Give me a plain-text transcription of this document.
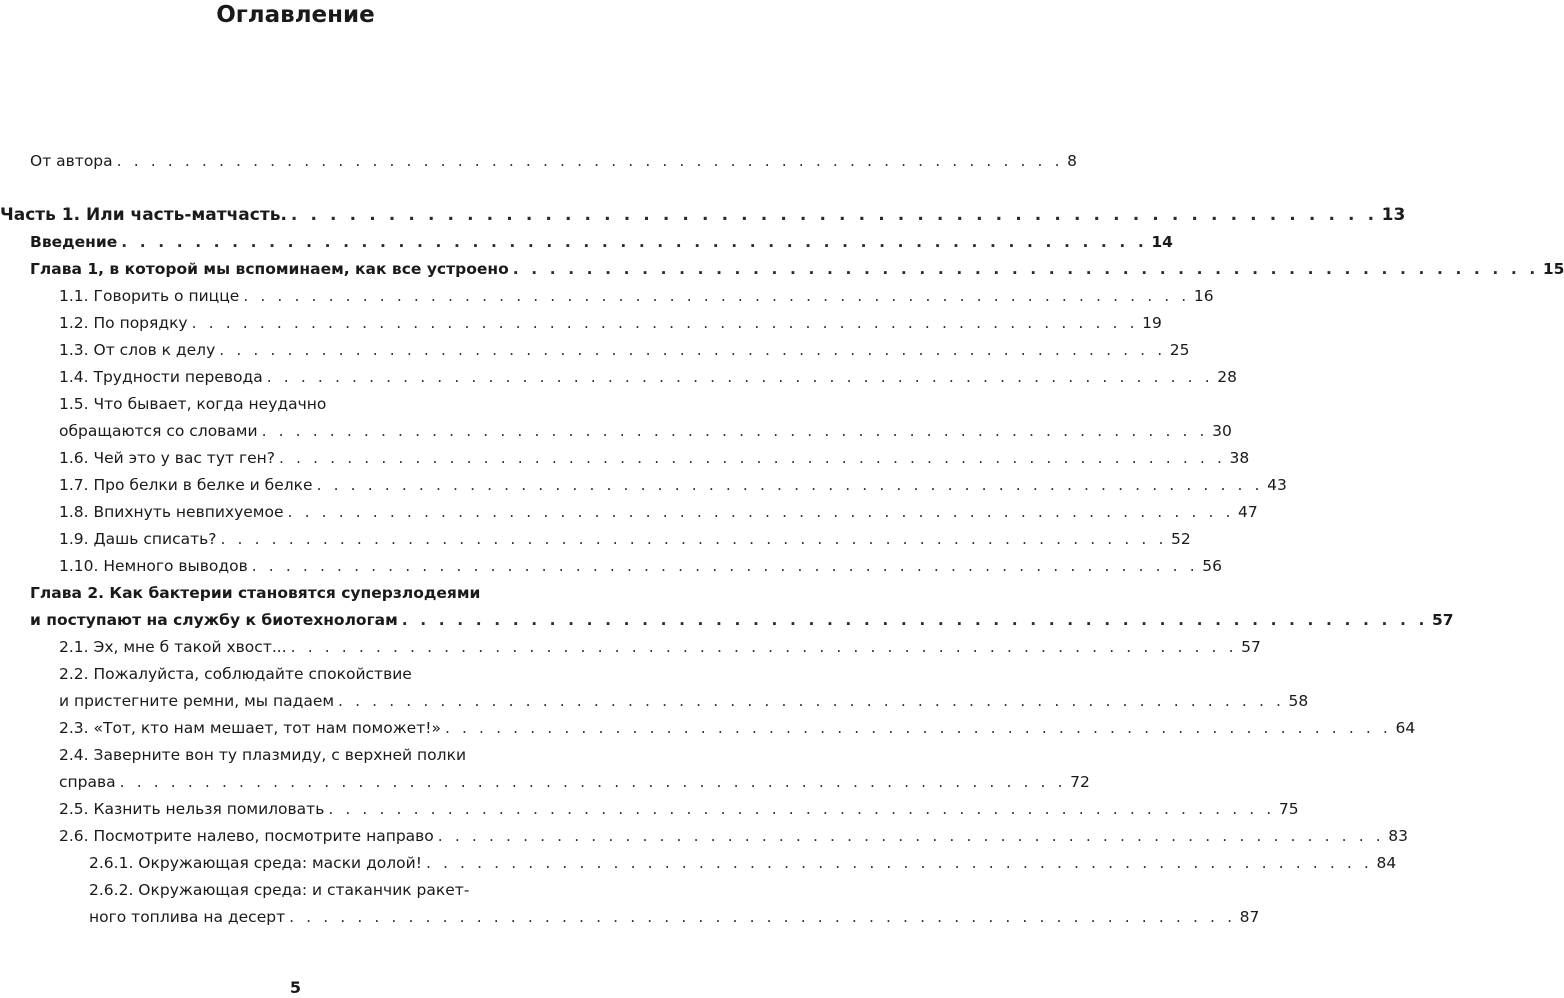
Оглавление
От автора . . . . . . . . . . . . . . . . . . . . . . . . . . . . . . . . . . . . . . . . . . . . . . . . . . . . . . . . 8
Часть 1. Или часть-матчасть. . . . . . . . . . . . . . . . . . . . . . . . . . . . . . . . . . . . . . . . . . . . . . . . . . . . . . . . . 13
Введение . . . . . . . . . . . . . . . . . . . . . . . . . . . . . . . . . . . . . . . . . . . . . . . . . . . . . . . . 14
Глава 1, в которой мы вспоминаем, как все устроено . . . . . . . . . . . . . . . . . . . . . . . . . . . . . . . . . . . . . . . . . . . . . . . . . . . . . . . . 15
1.1. Говорить о пицце . . . . . . . . . . . . . . . . . . . . . . . . . . . . . . . . . . . . . . . . . . . . . . . . . . . . . . . . 16
1.2. По порядку . . . . . . . . . . . . . . . . . . . . . . . . . . . . . . . . . . . . . . . . . . . . . . . . . . . . . . . . 19
1.3. От слов к делу . . . . . . . . . . . . . . . . . . . . . . . . . . . . . . . . . . . . . . . . . . . . . . . . . . . . . . . . 25
1.4. Трудности перевода . . . . . . . . . . . . . . . . . . . . . . . . . . . . . . . . . . . . . . . . . . . . . . . . . . . . . . . . 28
1.5. Что бывает, когда неудачно
обращаются со словами . . . . . . . . . . . . . . . . . . . . . . . . . . . . . . . . . . . . . . . . . . . . . . . . . . . . . . . . 30
1.6. Чей это у вас тут ген? . . . . . . . . . . . . . . . . . . . . . . . . . . . . . . . . . . . . . . . . . . . . . . . . . . . . . . . . 38
1.7. Про белки в белке и белке . . . . . . . . . . . . . . . . . . . . . . . . . . . . . . . . . . . . . . . . . . . . . . . . . . . . . . . . 43
1.8. Впихнуть невпихуемое . . . . . . . . . . . . . . . . . . . . . . . . . . . . . . . . . . . . . . . . . . . . . . . . . . . . . . . . 47
1.9. Дашь списать? . . . . . . . . . . . . . . . . . . . . . . . . . . . . . . . . . . . . . . . . . . . . . . . . . . . . . . . . 52
1.10. Немного выводов . . . . . . . . . . . . . . . . . . . . . . . . . . . . . . . . . . . . . . . . . . . . . . . . . . . . . . . . 56
Глава 2. Как бактерии становятся суперзлодеями
и поступают на службу к биотехнологам . . . . . . . . . . . . . . . . . . . . . . . . . . . . . . . . . . . . . . . . . . . . . . . . . . . . . . . . 57
2.1. Эх, мне б такой хвост... . . . . . . . . . . . . . . . . . . . . . . . . . . . . . . . . . . . . . . . . . . . . . . . . . . . . . . . . 57
2.2. Пожалуйста, соблюдайте спокойствие
и пристегните ремни, мы падаем . . . . . . . . . . . . . . . . . . . . . . . . . . . . . . . . . . . . . . . . . . . . . . . . . . . . . . . . 58
2.3. «Тот, кто нам мешает, тот нам поможет!» . . . . . . . . . . . . . . . . . . . . . . . . . . . . . . . . . . . . . . . . . . . . . . . . . . . . . . . . 64
2.4. Заверните вон ту плазмиду, с верхней полки
справа . . . . . . . . . . . . . . . . . . . . . . . . . . . . . . . . . . . . . . . . . . . . . . . . . . . . . . . . 72
2.5. Казнить нельзя помиловать . . . . . . . . . . . . . . . . . . . . . . . . . . . . . . . . . . . . . . . . . . . . . . . . . . . . . . . . 75
2.6. Посмотрите налево, посмотрите направо . . . . . . . . . . . . . . . . . . . . . . . . . . . . . . . . . . . . . . . . . . . . . . . . . . . . . . . . 83
2.6.1. Окружающая среда: маски долой! . . . . . . . . . . . . . . . . . . . . . . . . . . . . . . . . . . . . . . . . . . . . . . . . . . . . . . . . 84
2.6.2. Окружающая среда: и стаканчик ракет-
ного топлива на десерт . . . . . . . . . . . . . . . . . . . . . . . . . . . . . . . . . . . . . . . . . . . . . . . . . . . . . . . . 87
5
